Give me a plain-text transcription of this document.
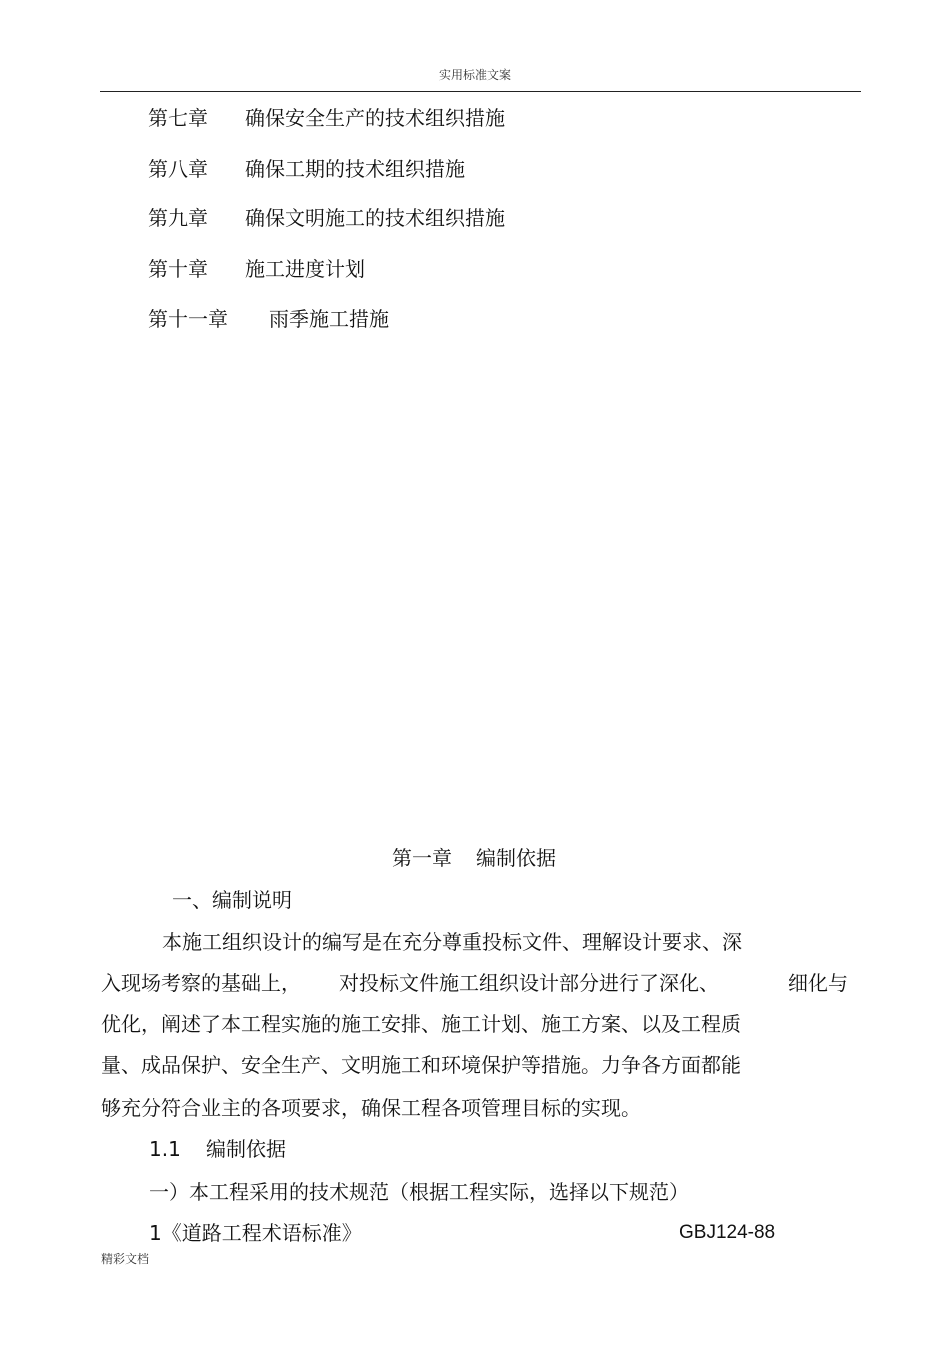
实用标准文案
第七章 确保安全生产的技术组织措施
第八章 确保工期的技术组织措施
第九章 确保文明施工的技术组织措施
第十章 施工进度计划
第十一章 雨季施工措施
第一章 编制依据
一、编制说明
本施工组织设计的编写是在充分尊重投标文件、理解设计要求、深
入现场考察的基础上， 对投标文件施工组织设计部分进行了深化、	细化与
优化，阐述了本工程实施的施工安排、施工计划、施工方案、以及工程质
量、成品保护、安全生产、文明施工和环境保护等措施。力争各方面都能
够充分符合业主的各项要求，确保工程各项管理目标的实现。
1.1 编制依据
一）本工程采用的技术规范（根据工程实际，选择以下规范）
1《道路工程术语标准》	GBJ124-88
精彩文档
